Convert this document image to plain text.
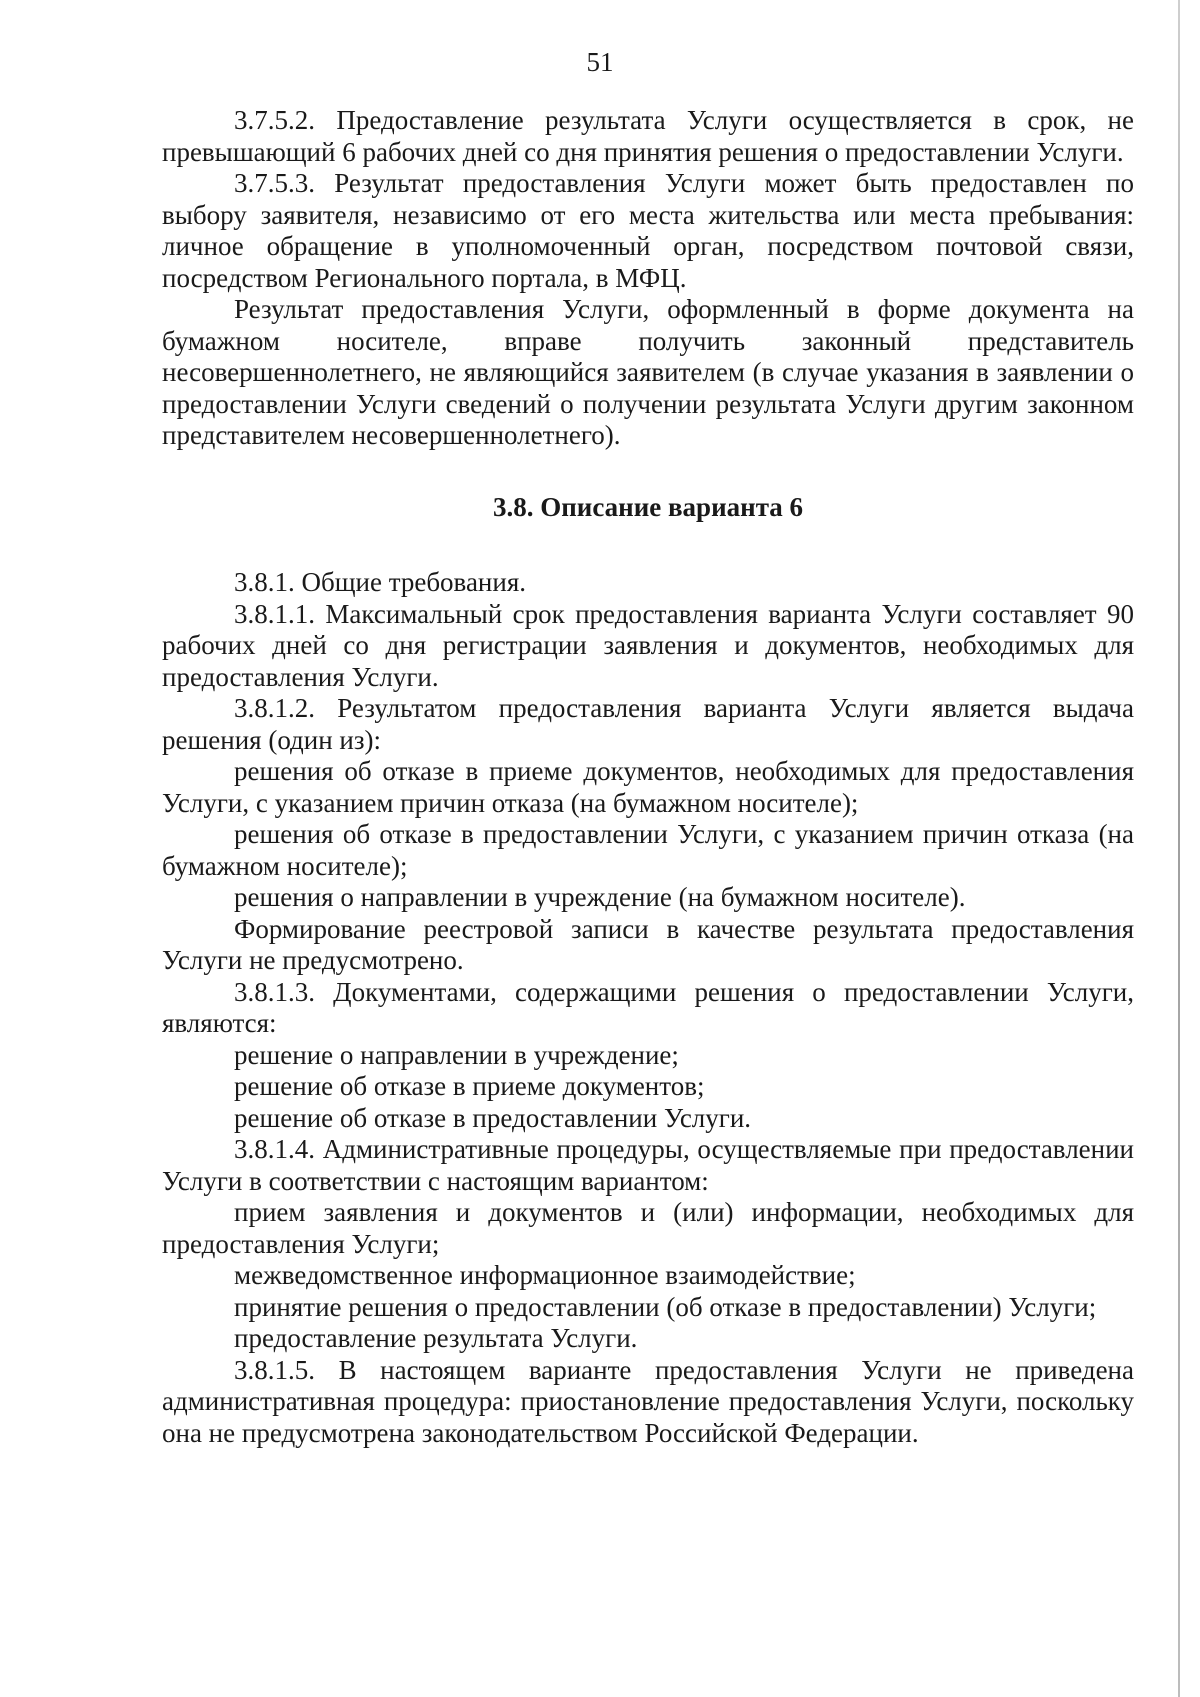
51

3.7.5.2. Предоставление результата Услуги осуществляется в срок, не превышающий 6 рабочих дней со дня принятия решения о предоставлении Услуги.

3.7.5.3. Результат предоставления Услуги может быть предоставлен по выбору заявителя, независимо от его места жительства или места пребывания: личное обращение в уполномоченный орган, посредством почтовой связи, посредством Регионального портала, в МФЦ.

Результат предоставления Услуги, оформленный в форме документа на бумажном носителе, вправе получить законный представитель несовершеннолетнего, не являющийся заявителем (в случае указания в заявлении о предоставлении Услуги сведений о получении результата Услуги другим законном представителем несовершеннолетнего).

3.8. Описание варианта 6

3.8.1. Общие требования.

3.8.1.1. Максимальный срок предоставления варианта Услуги составляет 90 рабочих дней со дня регистрации заявления и документов, необходимых для предоставления Услуги.

3.8.1.2. Результатом предоставления варианта Услуги является выдача решения (один из):

решения об отказе в приеме документов, необходимых для предоставления Услуги, с указанием причин отказа (на бумажном носителе);

решения об отказе в предоставлении Услуги, с указанием причин отказа (на бумажном носителе);

решения о направлении в учреждение (на бумажном носителе).

Формирование реестровой записи в качестве результата предоставления Услуги не предусмотрено.

3.8.1.3. Документами, содержащими решения о предоставлении Услуги, являются:

решение о направлении в учреждение;

решение об отказе в приеме документов;

решение об отказе в предоставлении Услуги.

3.8.1.4. Административные процедуры, осуществляемые при предоставлении Услуги в соответствии с настоящим вариантом:

прием заявления и документов и (или) информации, необходимых для предоставления Услуги;

межведомственное информационное взаимодействие;

принятие решения о предоставлении (об отказе в предоставлении) Услуги;

предоставление результата Услуги.

3.8.1.5. В настоящем варианте предоставления Услуги не приведена административная процедура: приостановление предоставления Услуги, поскольку она не предусмотрена законодательством Российской Федерации.
